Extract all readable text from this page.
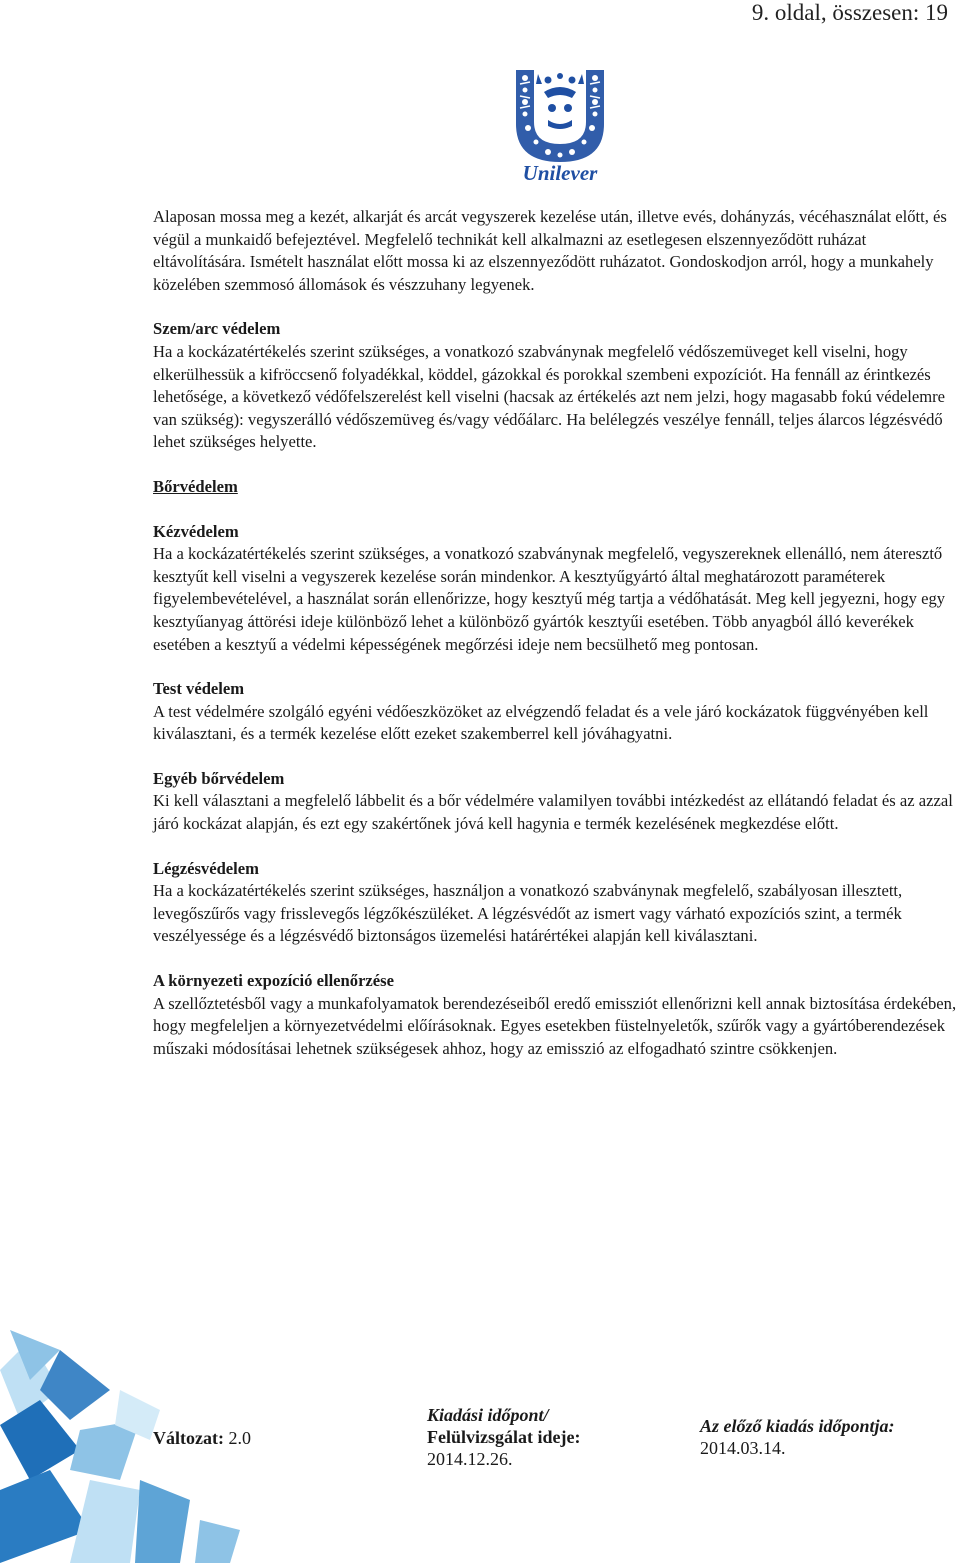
9. oldal, összesen: 19
Unilever

Alaposan mossa meg a kezét, alkarját és arcát vegyszerek kezelése után, illetve evés, dohányzás, vécéhasználat előtt, és végül a munkaidő befejeztével. Megfelelő technikát kell alkalmazni az esetlegesen elszennyeződött ruházat eltávolítására. Ismételt használat előtt mossa ki az elszennyeződött ruházatot. Gondoskodjon arról, hogy a munkahely közelében szemmosó állomások és vészzuhany legyenek.

Szem/arc védelem

Ha a kockázatértékelés szerint szükséges, a vonatkozó szabványnak megfelelő védőszemüveget kell viselni, hogy elkerülhessük a kifröccsenő folyadékkal, köddel, gázokkal és porokkal szembeni expozíciót. Ha fennáll az érintkezés lehetősége, a következő védőfelszerelést kell viselni (hacsak az értékelés azt nem jelzi, hogy magasabb fokú védelemre van szükség): vegyszerálló védőszemüveg és/vagy védőálarc. Ha belélegzés veszélye fennáll, teljes álarcos légzésvédő lehet szükséges helyette.

Bőrvédelem

Kézvédelem

Ha a kockázatértékelés szerint szükséges, a vonatkozó szabványnak megfelelő, vegyszereknek ellenálló, nem áteresztő kesztyűt kell viselni a vegyszerek kezelése során mindenkor. A kesztyűgyártó által meghatározott paraméterek figyelembevételével, a használat során ellenőrizze, hogy kesztyű még tartja a védőhatását. Meg kell jegyezni, hogy egy kesztyűanyag áttörési ideje különböző lehet a különböző gyártók kesztyűi esetében. Több anyagból álló keverékek esetében a kesztyű a védelmi képességének megőrzési ideje nem becsülhető meg pontosan.

Test védelem

A test védelmére szolgáló egyéni védőeszközöket az elvégzendő feladat és a vele járó kockázatok függvényében kell kiválasztani, és a termék kezelése előtt ezeket szakemberrel kell jóváhagyatni.

Egyéb bőrvédelem

Ki kell választani a megfelelő lábbelit és a bőr védelmére valamilyen további intézkedést az ellátandó feladat és az azzal járó kockázat alapján, és ezt egy szakértőnek jóvá kell hagynia e termék kezelésének megkezdése előtt.

Légzésvédelem

Ha a kockázatértékelés szerint szükséges, használjon a vonatkozó szabványnak megfelelő, szabályosan illesztett, levegőszűrős vagy frisslevegős légzőkészüléket. A légzésvédőt az ismert vagy várható expozíciós szint, a termék veszélyessége és a légzésvédő biztonságos üzemelési határértékei alapján kell kiválasztani.

A környezeti expozíció ellenőrzése

A szellőztetésből vagy a munkafolyamatok berendezéseiből eredő emissziót ellenőrizni kell annak biztosítása érdekében, hogy megfeleljen a környezetvédelmi előírásoknak. Egyes esetekben füstelnyeletők, szűrők vagy a gyártóberendezések műszaki módosításai lehetnek szükségesek ahhoz, hogy az emisszió az elfogadható szintre csökkenjen.

Változat: 2.0
Kiadási időpont/
Felülvizsgálat ideje:
2014.12.26.
Az előző kiadás időpontja:
2014.03.14.
